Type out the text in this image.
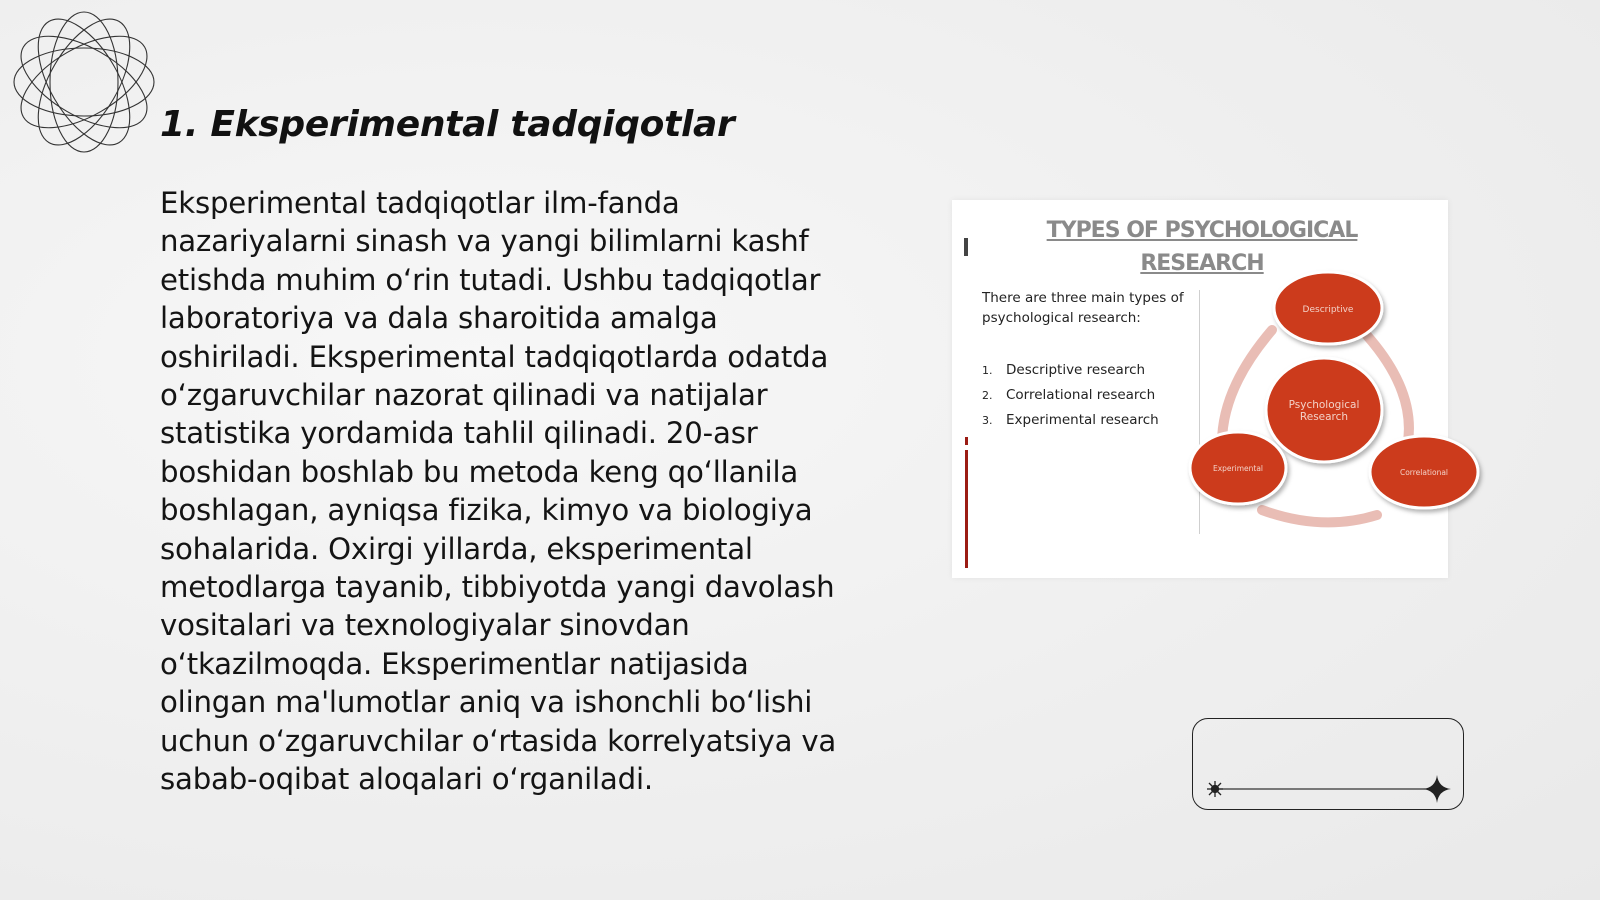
1. Eksperimental tadqiqotlar

Eksperimental tadqiqotlar ilm-fanda nazariyalarni sinash va yangi bilimlarni kashf etishda muhim oʻrin tutadi. Ushbu tadqiqotlar laboratoriya va dala sharoitida amalga oshiriladi. Eksperimental tadqiqotlarda odatda oʻzgaruvchilar nazorat qilinadi va natijalar statistika yordamida tahlil qilinadi. 20-asr boshidan boshlab bu metoda keng qoʻllanila boshlagan, ayniqsa fizika, kimyo va biologiya sohalarida. Oxirgi yillarda, eksperimental metodlarga tayanib, tibbiyotda yangi davolash vositalari va texnologiyalar sinovdan oʻtkazilmoqda. Eksperimentlar natijasida olingan ma'lumotlar aniq va ishonchli boʻlishi uchun oʻzgaruvchilar oʻrtasida korrelyatsiya va sabab-oqibat aloqalari oʻrganiladi.

TYPES OF PSYCHOLOGICAL RESEARCH

There are three main types of psychological research:

1. Descriptive research
2. Correlational research
3. Experimental research
Descriptive
Psychological
Research
Experimental	Correlational
